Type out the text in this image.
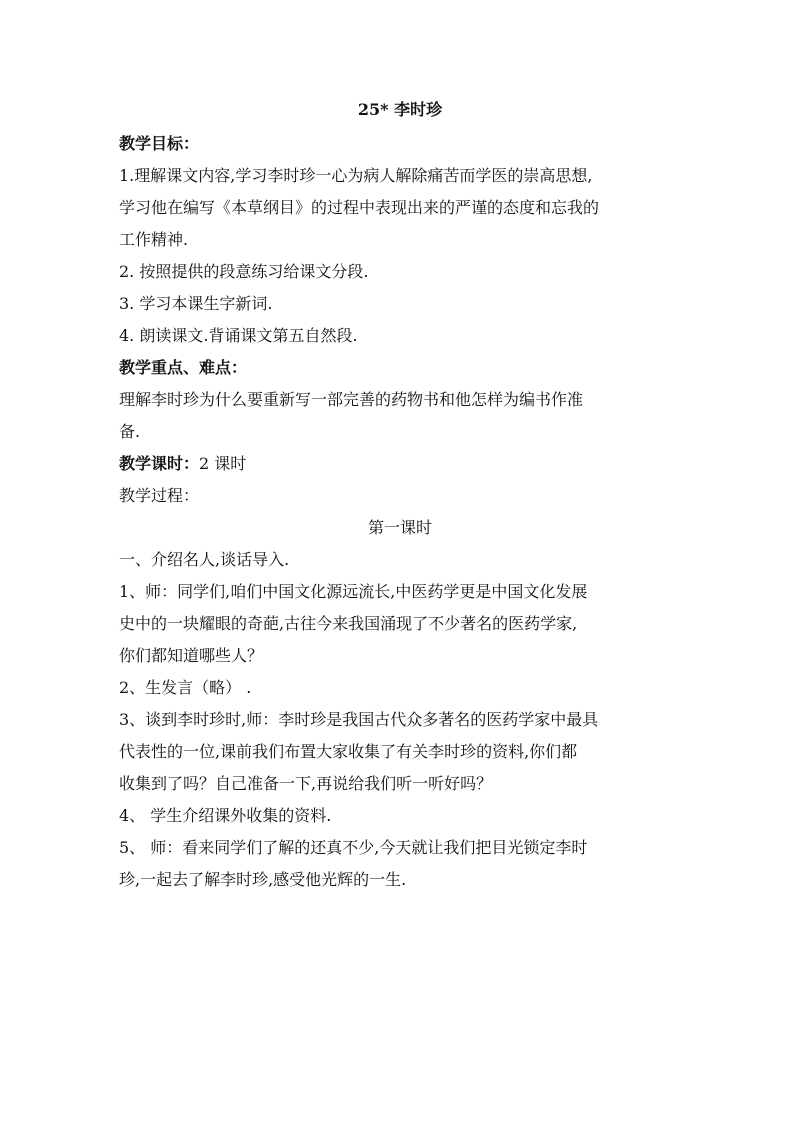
25* 李时珍
教学目标：
1.理解课文内容,学习李时珍一心为病人解除痛苦而学医的崇高思想,
学习他在编写《本草纲目》的过程中表现出来的严谨的态度和忘我的
工作精神.
2. 按照提供的段意练习给课文分段.
3. 学习本课生字新词.
4. 朗读课文.背诵课文第五自然段.
教学重点、难点：
理解李时珍为什么要重新写一部完善的药物书和他怎样为编书作准
备.
教学课时：2 课时
教学过程：
第一课时
一、介绍名人,谈话导入.
1、师：同学们,咱们中国文化源远流长,中医药学更是中国文化发展
史中的一块耀眼的奇葩,古往今来我国涌现了不少著名的医药学家,
你们都知道哪些人？
2、生发言（略） .
3、谈到李时珍时,师：李时珍是我国古代众多著名的医药学家中最具
代表性的一位,课前我们布置大家收集了有关李时珍的资料,你们都
收集到了吗？自己准备一下,再说给我们听一听好吗？
4、 学生介绍课外收集的资料.
5、 师：看来同学们了解的还真不少,今天就让我们把目光锁定李时
珍,一起去了解李时珍,感受他光辉的一生.
